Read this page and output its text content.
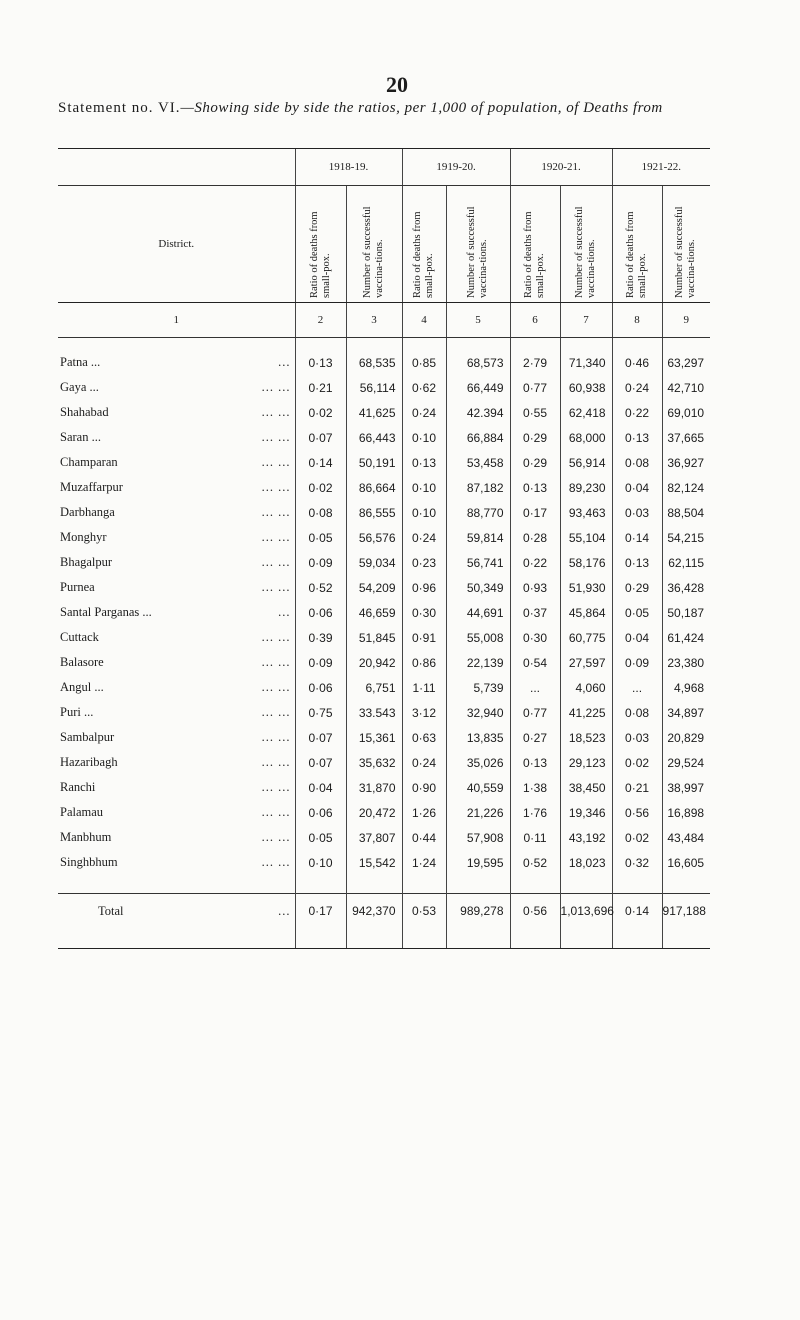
20
Statement no. VI.—Showing side by side the ratios, per 1,000 of population, of Deaths from
	1918-19.		1919-20.		1920-21.		1921-22.	
District.	Ratio of deaths from small-pox.	Number of successful vaccina-tions.	Ratio of deaths from small-pox.	Number of successful vaccina-tions.	Ratio of deaths from small-pox.	Number of successful vaccina-tions.	Ratio of deaths from small-pox.	Number of successful vaccina-tions.

1	2	3	4	5	6	7	8	9
Patna ... ...	0·13	68,535	0·85	68,573	2·79	71,340	0·46	63,297
Gaya ... ... ...	0·21	56,114	0·62	66,449	0·77	60,938	0·24	42,710
Shahabad ... ...	0·02	41,625	0·24	42.394	0·55	62,418	0·22	69,010
Saran ... ... ...	0·07	66,443	0·10	66,884	0·29	68,000	0·13	37,665
Champaran ... ...	0·14	50,191	0·13	53,458	0·29	56,914	0·08	36,927
Muzaffarpur ... ...	0·02	86,664	0·10	87,182	0·13	89,230	0·04	82,124
Darbhanga ... ...	0·08	86,555	0·10	88,770	0·17	93,463	0·03	88,504
Monghyr ... ...	0·05	56,576	0·24	59,814	0·28	55,104	0·14	54,215
Bhagalpur ... ...	0·09	59,034	0·23	56,741	0·22	58,176	0·13	62,115
Purnea ... ...	0·52	54,209	0·96	50,349	0·93	51,930	0·29	36,428
Santal Parganas ... ...	0·06	46,659	0·30	44,691	0·37	45,864	0·05	50,187
Cuttack ... ...	0·39	51,845	0·91	55,008	0·30	60,775	0·04	61,424
Balasore ... ...	0·09	20,942	0·86	22,139	0·54	27,597	0·09	23,380
Angul ... ... ...	0·06	6,751	1·11	5,739	...	4,060	...	4,968
Puri ... ... ...	0·75	33.543	3·12	32,940	0·77	41,225	0·08	34,897
Sambalpur ... ...	0·07	15,361	0·63	13,835	0·27	18,523	0·03	20,829
Hazaribagh ... ...	0·07	35,632	0·24	35,026	0·13	29,123	0·02	29,524
Ranchi ... ...	0·04	31,870	0·90	40,559	1·38	38,450	0·21	38,997
Palamau ... ...	0·06	20,472	1·26	21,226	1·76	19,346	0·56	16,898
Manbhum ... ...	0·05	37,807	0·44	57,908	0·11	43,192	0·02	43,484
Singhbhum ... ...	0·10	15,542	1·24	19,595	0·52	18,023	0·32	16,605
Total ...	0·17	942,370	0·53	989,278	0·56	1,013,696	0·14	917,188
